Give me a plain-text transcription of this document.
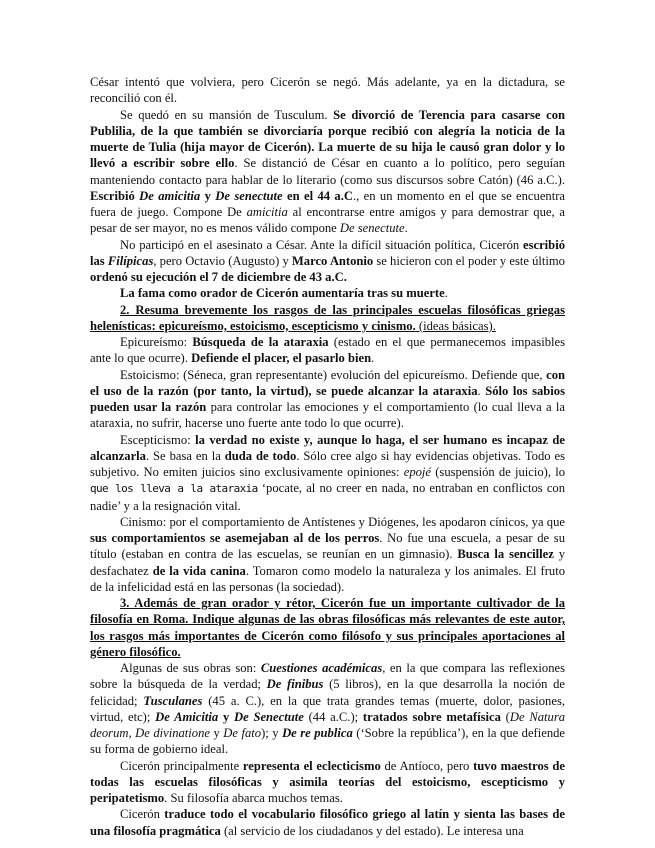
César intentó que volviera, pero Cicerón se negó. Más adelante, ya en la dictadura, se reconcilió con él.

Se quedó en su mansión de Tusculum. Se divorció de Terencia para casarse con Publilia, de la que también se divorciaría porque recibió con alegría la noticia de la muerte de Tulia (hija mayor de Cicerón). La muerte de su hija le causó gran dolor y lo llevó a escribir sobre ello. Se distanció de César en cuanto a lo político, pero seguían manteniendo contacto para hablar de lo literario (como sus discursos sobre Catón) (46 a.C.). Escribió De amicitia y De senectute en el 44 a.C., en un momento en el que se encuentra fuera de juego. Compone De amicitia al encontrarse entre amigos y para demostrar que, a pesar de ser mayor, no es menos válido compone De senectute.

No participó en el asesinato a César. Ante la difícil situación política, Cicerón escribió las Filípicas, pero Octavio (Augusto) y Marco Antonio se hicieron con el poder y este último ordenó su ejecución el 7 de diciembre de 43 a.C.

La fama como orador de Cicerón aumentaría tras su muerte.

2. Resuma brevemente los rasgos de las principales escuelas filosóficas griegas helenísticas: epicureísmo, estoicismo, escepticismo y cinismo. (ideas básicas).

Epicureísmo: Búsqueda de la ataraxia (estado en el que permanecemos impasibles ante lo que ocurre). Defiende el placer, el pasarlo bien.

Estoicismo: (Séneca, gran representante) evolución del epicureísmo. Defiende que, con el uso de la razón (por tanto, la virtud), se puede alcanzar la ataraxia. Sólo los sabios pueden usar la razón para controlar las emociones y el comportamiento (lo cual lleva a la ataraxia, no sufrir, hacerse uno fuerte ante todo lo que ocurre).

Escepticismo: la verdad no existe y, aunque lo haga, el ser humano es incapaz de alcanzarla. Se basa en la duda de todo. Sólo cree algo si hay evidencias objetivas. Todo es subjetivo. No emiten juicios sino exclusivamente opiniones: epojé (suspensión de juicio), lo que los lleva a la ataraxia ‘pocate, al no creer en nada, no entraban en conflictos con nadie’ y a la resignación vital.

Cinismo: por el comportamiento de Antístenes y Diógenes, les apodaron cínicos, ya que sus comportamientos se asemejaban al de los perros. No fue una escuela, a pesar de su título (estaban en contra de las escuelas, se reunían en un gimnasio). Busca la sencillez y desfachatez de la vida canina. Tomaron como modelo la naturaleza y los animales. El fruto de la infelicidad está en las personas (la sociedad).

3. Además de gran orador y rétor, Cicerón fue un importante cultivador de la filosofía en Roma. Indique algunas de las obras filosóficas más relevantes de este autor, los rasgos más importantes de Cicerón como filósofo y sus principales aportaciones al género filosófico.

Algunas de sus obras son: Cuestiones académicas, en la que compara las reflexiones sobre la búsqueda de la verdad; De finibus (5 libros), en la que desarrolla la noción de felicidad; Tusculanes (45 a. C.), en la que trata grandes temas (muerte, dolor, pasiones, virtud, etc); De Amicitia y De Senectute (44 a.C.); tratados sobre metafísica (De Natura deorum, De divinatione y De fato); y De re publica (‘Sobre la república’), en la que defiende su forma de gobierno ideal.

Cicerón principalmente representa el eclecticismo de Antíoco, pero tuvo maestros de todas las escuelas filosóficas y asimila teorías del estoicismo, escepticismo y peripatetismo. Su filosofía abarca muchos temas.

Cicerón traduce todo el vocabulario filosófico griego al latín y sienta las bases de una filosofía pragmática (al servicio de los ciudadanos y del estado). Le interesa una
